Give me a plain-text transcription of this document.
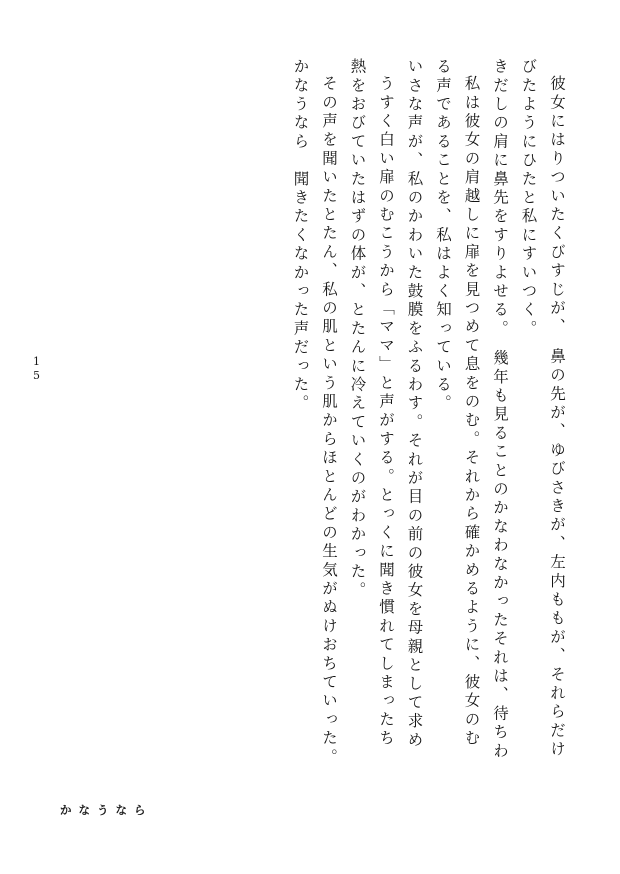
かなうなら　聞きたくなかった声だった。 その声を聞いたとたん、私の肌という肌からほとんどの生気がぬけおちていった。 熱をおびていたはずの体が、とたんに冷えていくのがわかった。 うすく白い扉のむこうから「ママ」と声がする。とっくに聞き慣れてしまったち いさな声が、私のかわいた鼓膜をふるわす。それが目の前の彼女を母親として求め る声であることを、私はよく知っている。 私は彼女の肩越しに扉を見つめて息をのむ。それから確かめるように、彼女のむ きだしの肩に鼻先をすりよせる。　幾年も見ることのかなわなかったそれは、待ちわ びたようにひたと私にすいつく。 彼女にはりついたくびすじが、　鼻の先が、ゆびさきが、左内ももが、それらだけ
15
かなうなら
